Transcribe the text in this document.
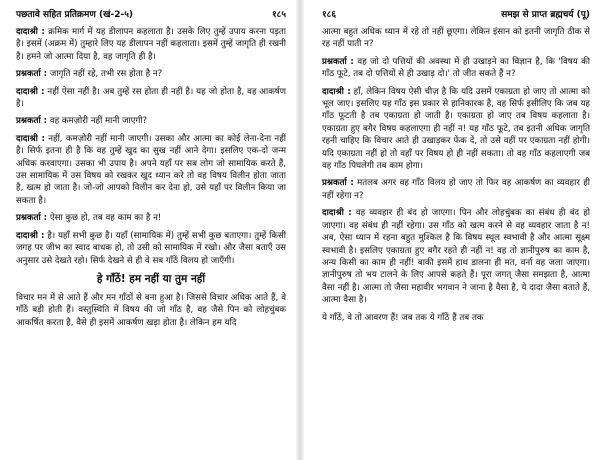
पछतावे सहित प्रतिक्रमण (खं-2-५)	१८५

दादाश्री : क्रमिक मार्ग में यह डीलापन कहलाता है। उसके लिए तुम्हें उपाय करना पड़ता है। इसमें (अक्रम में) तुम्हारे लिए यह डीलापन नहीं कहलाता। इसमें तुम्हें जागृति ही रखनी है। हमने जो आत्मा दिया है, वह जागृति ही है।

प्रश्नकर्ता : जागृति नहीं रहे, तभी रस होता है न?

दादाश्री : नहीं ऐसा नहीं है। अब तुम्हें रस होता ही नहीं है। यह जो होता है, वह आकर्षण है।

प्रश्नकर्ता : वह कमज़ोरी नहीं मानी जाएगी?

दादाश्री : नहीं, कमज़ोरी नहीं मानी जाएगी। उसका और आत्मा का कोई लेना-देना नहीं है। सिर्फ इतना ही है कि वह तुम्हें खुद का सुख नहीं आने देगा। इसलिए एक-दो जन्म अधिक करवाएगा। उसका भी उपाय है। अपने यहाँ पर सब लोग जो सामायिक करते हैं, उस सामायिक में उस विषय को रखकर खुद ध्यान करे तो वह विषय विलीन होता जाता है, खत्म हो जाता है। जो-जो आपको विलीन कर देना हो, उसे यहाँ पर विलीन किया जा सकता है।

प्रश्नकर्ता : ऐसा कुछ हो, तब वह काम का है न!

दादाश्री : है। यहाँ सभी कुछ है। यहाँ (सामायिक में) तुम्हें सभी कुछ बताएगा। तुम्हें किसी जगह पर जीभ का स्वाद बाधक हो, तो उसी को सामायिक में रखो। और जैसा बताएँ उस अनुसार उसे देखते रहो। सिर्फ देखने से ही वे सब गाँठें विलय हो जाएँगी।

हे गाँठें! हम नहीं या तुम नहीं

विचार मन में से आते हैं और मन गाँठों से बना हुआ है। जिससे विचार अधिक आते हैं, वे गाँठें बड़ी होती हैं। वस्तुस्थिति में विषय की जो गाँठ है, वह जैसे पिन को लोहचुंबक आकर्षित करता है, वैसे ही इसमें आकर्षण खड़ा होता है। लेकिन हम यदि

१८६	समझ से प्राप्त ब्रह्मचर्य (पू)

आत्मा बहुत अधिक ध्यान में रहे तो नहीं छूएगा। लेकिन इंसान को इतनी जागृति ठीक से रह नहीं पाती न?

प्रश्नकर्ता : वह जो दो पत्तियों की अवस्था में ही उखाड़ने का विज्ञान है, कि 'विषय की गाँठ फूटे, तब दो पत्तियों से ही उखाड़ दो।' तो जीत सकते हैं न?

दादाश्री : हाँ, लेकिन विषय ऐसी चीज़ है कि यदि उसमें एकाग्रता हो जाए तो आत्मा को भूल जाए। इसलिए यह गाँठ इस प्रकार से हानिकारक है, वह सिर्फ इसीलिए कि जब यह गाँठ फूटती है तब एकाग्रता हो जाती है। एकाग्रता हो जाए तब विषय कहलाता है। एकाग्रता हुए बगैर विषय कहलाएगा ही नहीं न! यह गाँठ फूटे, तब इतनी अधिक जागृति रहनी चाहिए कि विचार आते ही उखाड़कर फेंक दें, तो उसे वहीं पर एकाग्रता नहीं होगी। यदि एकाग्रता नहीं हो तो वहाँ पर विषय हो ही नहीं सकता। तो वह गाँठ कहलाएगी जब वह गाँठ पिघलेगी तब काम होगा।

प्रश्नकर्ता : मतलब अगर वह गाँठ विलय हो जाए तो फिर वह आकर्षण का व्यवहार ही नहीं रहेगा न?

दादाश्री : वह व्यवहार ही बंद हो जाएगा। पिन और लोहचुंबक का संबंध ही बंद हो जाएगा। वह संबंध ही नहीं रहेगा। उस गाँठ को खत्म करने से वह व्यवहार जाता है न! अब, ऐसा ध्यान में रहना बहुत मुश्किल है कि विषय स्थूल स्वभावी है और आत्मा सूक्ष्म स्वभावी है। इसलिए एकाग्रता हुए बगैर रहते ही नहीं न! वह तो ज्ञानीपुरुष का काम है, अन्य किसी का काम ही नहीं! बाकी इसमें हाथ डालना ही मत, वर्ना वह जला जाएगा। ज्ञानीपुरुष तो भय टालने के लिए आपसे कहते हैं। पूरा जगत् जैसा समझता है, आत्मा वैसा नहीं है। आत्मा तो जैसा महावीर भगवान ने जाना है वैसा है, ये दादा जैसा बताते हैं, आत्मा वैसा है।

ये गाँठें, वे तो आवरण हैं! जब तक ये गाँठें हैं तब तक
